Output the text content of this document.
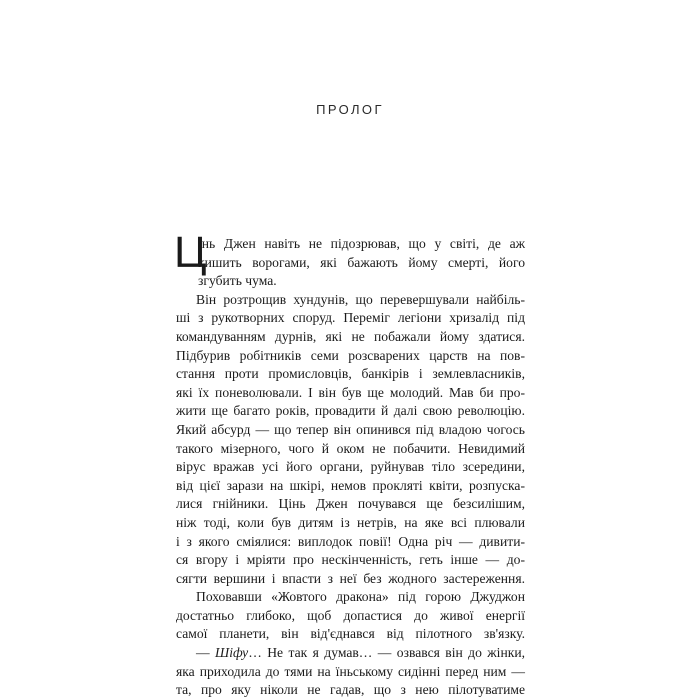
ПРОЛОГ
Ц
інь Джен навіть не підозрював, що у світі, де аж
кишить ворогами, які бажають йому смерті, його
згубить чума.
Він розтрощив хундунів, що перевершували найбіль-
ші з рукотворних споруд. Переміг легіони хризалід під
командуванням дурнів, які не побажали йому здатися.
Підбурив робітників семи розсварених царств на пов-
стання проти промисловців, банкірів і землевласників,
які їх поневолювали. І він був ще молодий. Мав би про-
жити ще багато років, провадити й далі свою революцію.
Який абсурд — що тепер він опинився під владою чогось
такого мізерного, чого й оком не побачити. Невидимий
вірус вражав усі його органи, руйнував тіло зсередини,
від цієї зарази на шкірі, немов прокляті квіти, розпуска-
лися гнійники. Цінь Джен почувався ще безсилішим,
ніж тоді, коли був дитям із нетрів, на яке всі плювали
і з якого сміялися: виплодок повії! Одна річ — дивити-
ся вгору і мріяти про нескінченність, геть інше — до-
сягти вершини і впасти з неї без жодного застереження.
Поховавши «Жовтого дракона» під горою Джуджон
достатньо глибоко, щоб допастися до живої енергії
самої планети, він від'єднався від пілотного зв'язку.
— Шіфу… Не так я думав… — озвався він до жінки,
яка приходила до тями на їньському сидінні перед ним —
та, про яку ніколи не гадав, що з нею пілотуватиме
